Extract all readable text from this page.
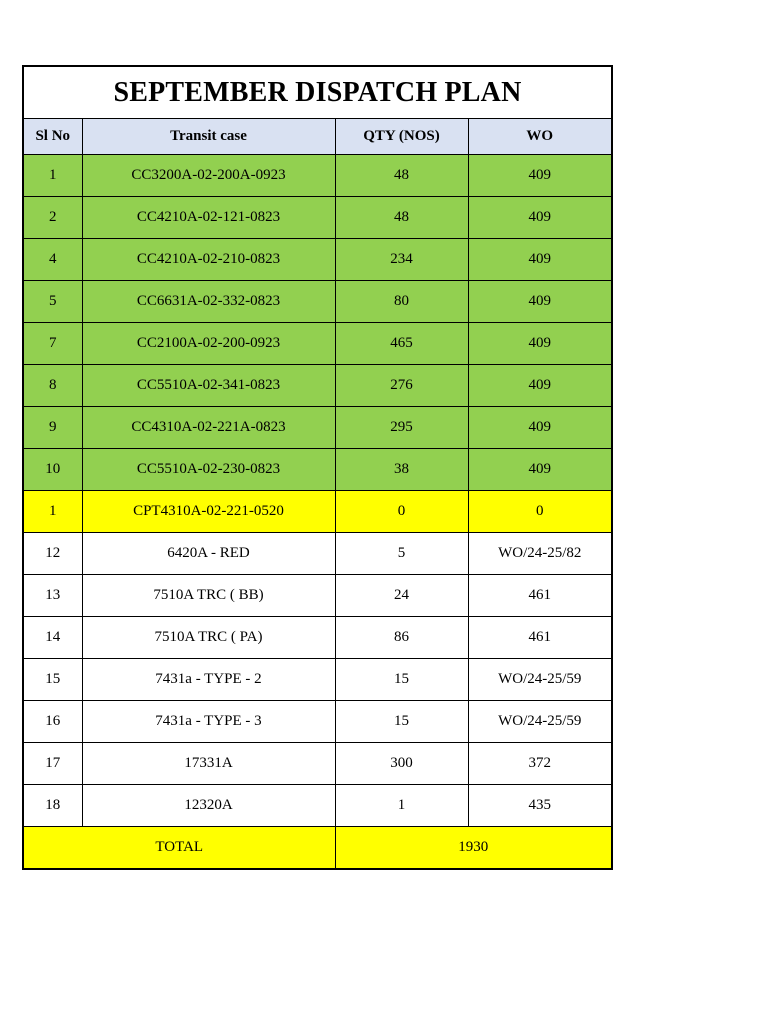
SEPTEMBER DISPATCH PLAN
Sl No	Transit case	QTY (NOS)	WO
1	CC3200A-02-200A-0923	48	409
2	CC4210A-02-121-0823	48	409
4	CC4210A-02-210-0823	234	409
5	CC6631A-02-332-0823	80	409
7	CC2100A-02-200-0923	465	409
8	CC5510A-02-341-0823	276	409
9	CC4310A-02-221A-0823	295	409
10	CC5510A-02-230-0823	38	409
1	CPT4310A-02-221-0520	0	0
12	6420A - RED	5	WO/24-25/82
13	7510A TRC ( BB)	24	461
14	7510A TRC ( PA)	86	461
15	7431a - TYPE - 2	15	WO/24-25/59
16	7431a - TYPE - 3	15	WO/24-25/59
17	17331A	300	372
18	12320A	1	435
TOTAL		1930	
